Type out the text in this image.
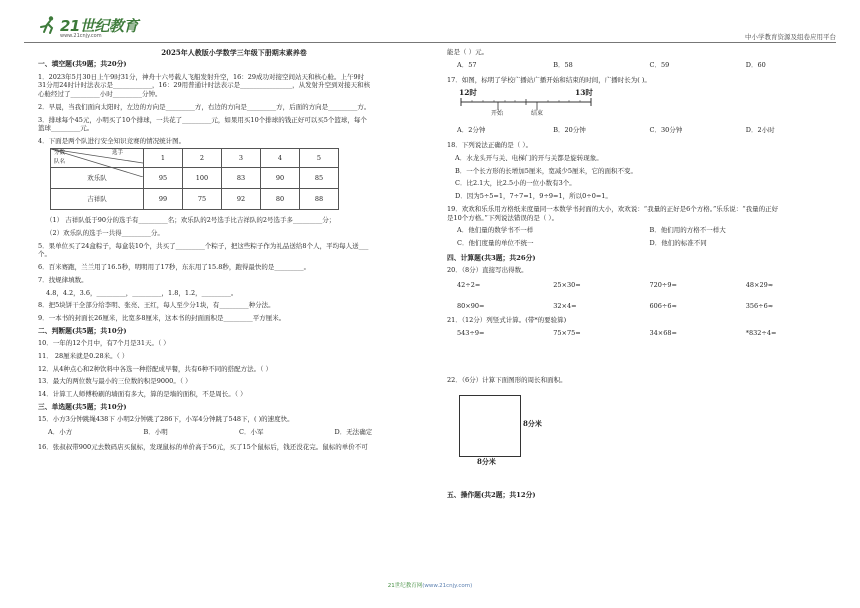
21世纪教育
www.21cnjy.com	中小学教育资源及组卷应用平台
2025年人教版小学数学三年级下册期末素养卷
一、填空题(共9题；共20分)
1．2023年5月30日上午9时31分，神舟十六号载人飞船发射升空，16：29成功对接空间站天和核心舱。上午9时
31分用24时计时法表示是____________，16：29用普通计时法表示是________________，从发射升空到对接天和核
心舱经过了_________小时_________分钟。
2．早晨，当我们面向太阳时，左边的方向是_________方，右边的方向是_________方，后面的方向是_________方。
3．排球每个45元，小明买了10个排球，一共花了_________元，如果用买10个排球的钱正好可以买5个篮球，每个
篮球_________元。
4．下面是两个队进行安全知识竞赛的情况统计图。
分数 选手
队名	1	2	3	4	5
欢乐队	95	100	83	90	85
吉祥队	99	75	92	80	88
（1） 吉祥队低于90分的选手有_________名；欢乐队的2号选手比吉祥队的2号选手多_________分；
（2）欢乐队的选手一共得_________分。
5．果单位买了24盒粽子，每盒装10个，共买了_________个粽子，把这些粽子作为礼品送给8个人，平均每人送___
个。
6．百米赛跑，兰兰用了16.5秒，明明用了17秒，东东用了15.8秒，跑得最快的是_________。
7．找规律填数。
4.8，4.2，3.6，_________，_________，1.8，1.2，_________。
8．把5块饼干全部分给李明、张亮、王红，每人至少分1块，有_________种分法。
9．一本书的封面长26厘米，比宽多8厘米，这本书的封面面积是_________平方厘米。
二、判断题(共5题；共10分)
10．一年的12个月中，有7个月是31天。（ ）
11． 28厘米就是0.28米。（ ）
12．从4种点心和2种饮料中各选一种搭配成早餐，共有6种不同的搭配方法。（ ）
13．最大的两位数与最小的三位数的积是9000。（ ）
14．计算工人师傅粉刷的墙面有多大，算的是墙的面积，不是周长。（ ）
三、单选题(共5题；共10分)
15．小方3分钟跳绳438下 小明2分钟跳了286下，小军4分钟跳了548下，( )的速度快。
A．小方	B．小明	C．小军	D．无法确定
16．张叔叔带900元去数码店买鼠标，发现鼠标的单价高于56元，买了15个鼠标后，钱还没花完。鼠标的单价不可
能是（ ）元。
A．57	B．58	C．59	D．60
17．如图，标明了学校广播站广播开始和结束的时间，广播时长为( )。
12时	13时
开始	结束
A．2分钟	B．20分钟	C．30分钟	D．2小时
18．下列说法正确的是（ ）。
A．水龙头开与关、电梯门的开与关都是旋转现象。
B．一个长方形的长增加5厘米，宽减少5厘米，它的面积不变。
C．比2.1大，比2.5小的一位小数有3个。
D．因为5÷5=1，7÷7=1，9÷9=1，所以0÷0=1。
19．欢欢和乐乐用方格纸来度量同一本数学书封面的大小，欢欢说：“我量的正好是6个方格。”乐乐说：“我量的正好
是10个方格。”下列说法错误的是（ ）。
A．他们量的数学书不一样	B．他们用的方格不一样大
C．他们度量的单位不统一	D．他们的标准不同
四、计算题(共3题；共26分)
20．（8分）直接写出得数。
42÷2=	25×30=	720÷9=	48×29≈
80×90=	32×4=	606÷6≈	356÷6≈
21．（12分）列竖式计算。(带*的要验算)
543÷9=	75×75=	34×68=	*832÷4=
22．（6分）计算下面图形的周长和面积。
8分米
8分米
五、操作题(共2题；共12分)
21世纪教育网(www.21cnjy.com)
